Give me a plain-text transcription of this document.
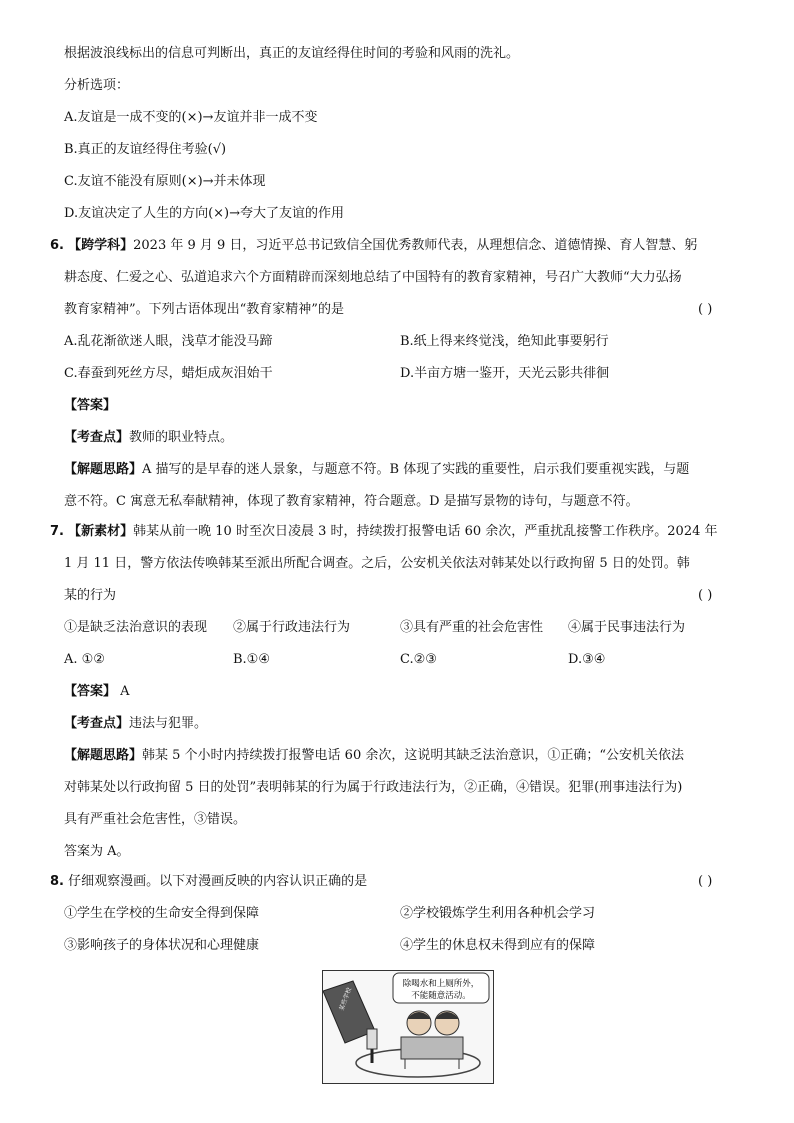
根据波浪线标出的信息可判断出，真正的友谊经得住时间的考验和风雨的洗礼。
分析选项：
A.友谊是一成不变的(×)→友谊并非一成不变
B.真正的友谊经得住考验(√)
C.友谊不能没有原则(×)→并未体现
D.友谊决定了人生的方向(×)→夸大了友谊的作用
6. 【跨学科】2023 年 9 月 9 日，习近平总书记致信全国优秀教师代表，从理想信念、道德情操、育人智慧、躬
耕态度、仁爱之心、弘道追求六个方面精辟而深刻地总结了中国特有的教育家精神，号召广大教师“大力弘扬
教育家精神”。下列古语体现出“教育家精神”的是	( )
A.乱花渐欲迷人眼，浅草才能没马蹄	B.纸上得来终觉浅，绝知此事要躬行
C.春蚕到死丝方尽，蜡炬成灰泪始干	D.半亩方塘一鉴开，天光云影共徘徊
【答案】
【考查点】教师的职业特点。
【解题思路】A 描写的是早春的迷人景象，与题意不符。B 体现了实践的重要性，启示我们要重视实践，与题
意不符。C 寓意无私奉献精神，体现了教育家精神，符合题意。D 是描写景物的诗句，与题意不符。
7. 【新素材】韩某从前一晚 10 时至次日凌晨 3 时，持续拨打报警电话 60 余次，严重扰乱接警工作秩序。2024 年
1 月 11 日，警方依法传唤韩某至派出所配合调查。之后，公安机关依法对韩某处以行政拘留 5 日的处罚。韩
某的行为	( )
①是缺乏法治意识的表现 ②属于行政违法行为	③具有严重的社会危害性 ④属于民事违法行为
A. ①②	B.①④	C.②③	D.③④
【答案】 A
【考查点】违法与犯罪。
【解题思路】韩某 5 个小时内持续拨打报警电话 60 余次，这说明其缺乏法治意识，①正确；“公安机关依法
对韩某处以行政拘留 5 日的处罚”表明韩某的行为属于行政违法行为，②正确，④错误。犯罪(刑事违法行为)
具有严重社会危害性，③错误。
答案为 A。
8. 仔细观察漫画。以下对漫画反映的内容认识正确的是	( )
①学生在学校的生命安全得到保障	②学校锻炼学生利用各种机会学习
③影响孩子的身体状况和心理健康	④学生的休息权未得到应有的保障
除喝水和上厕所外，
不能随意活动。
某些学校
